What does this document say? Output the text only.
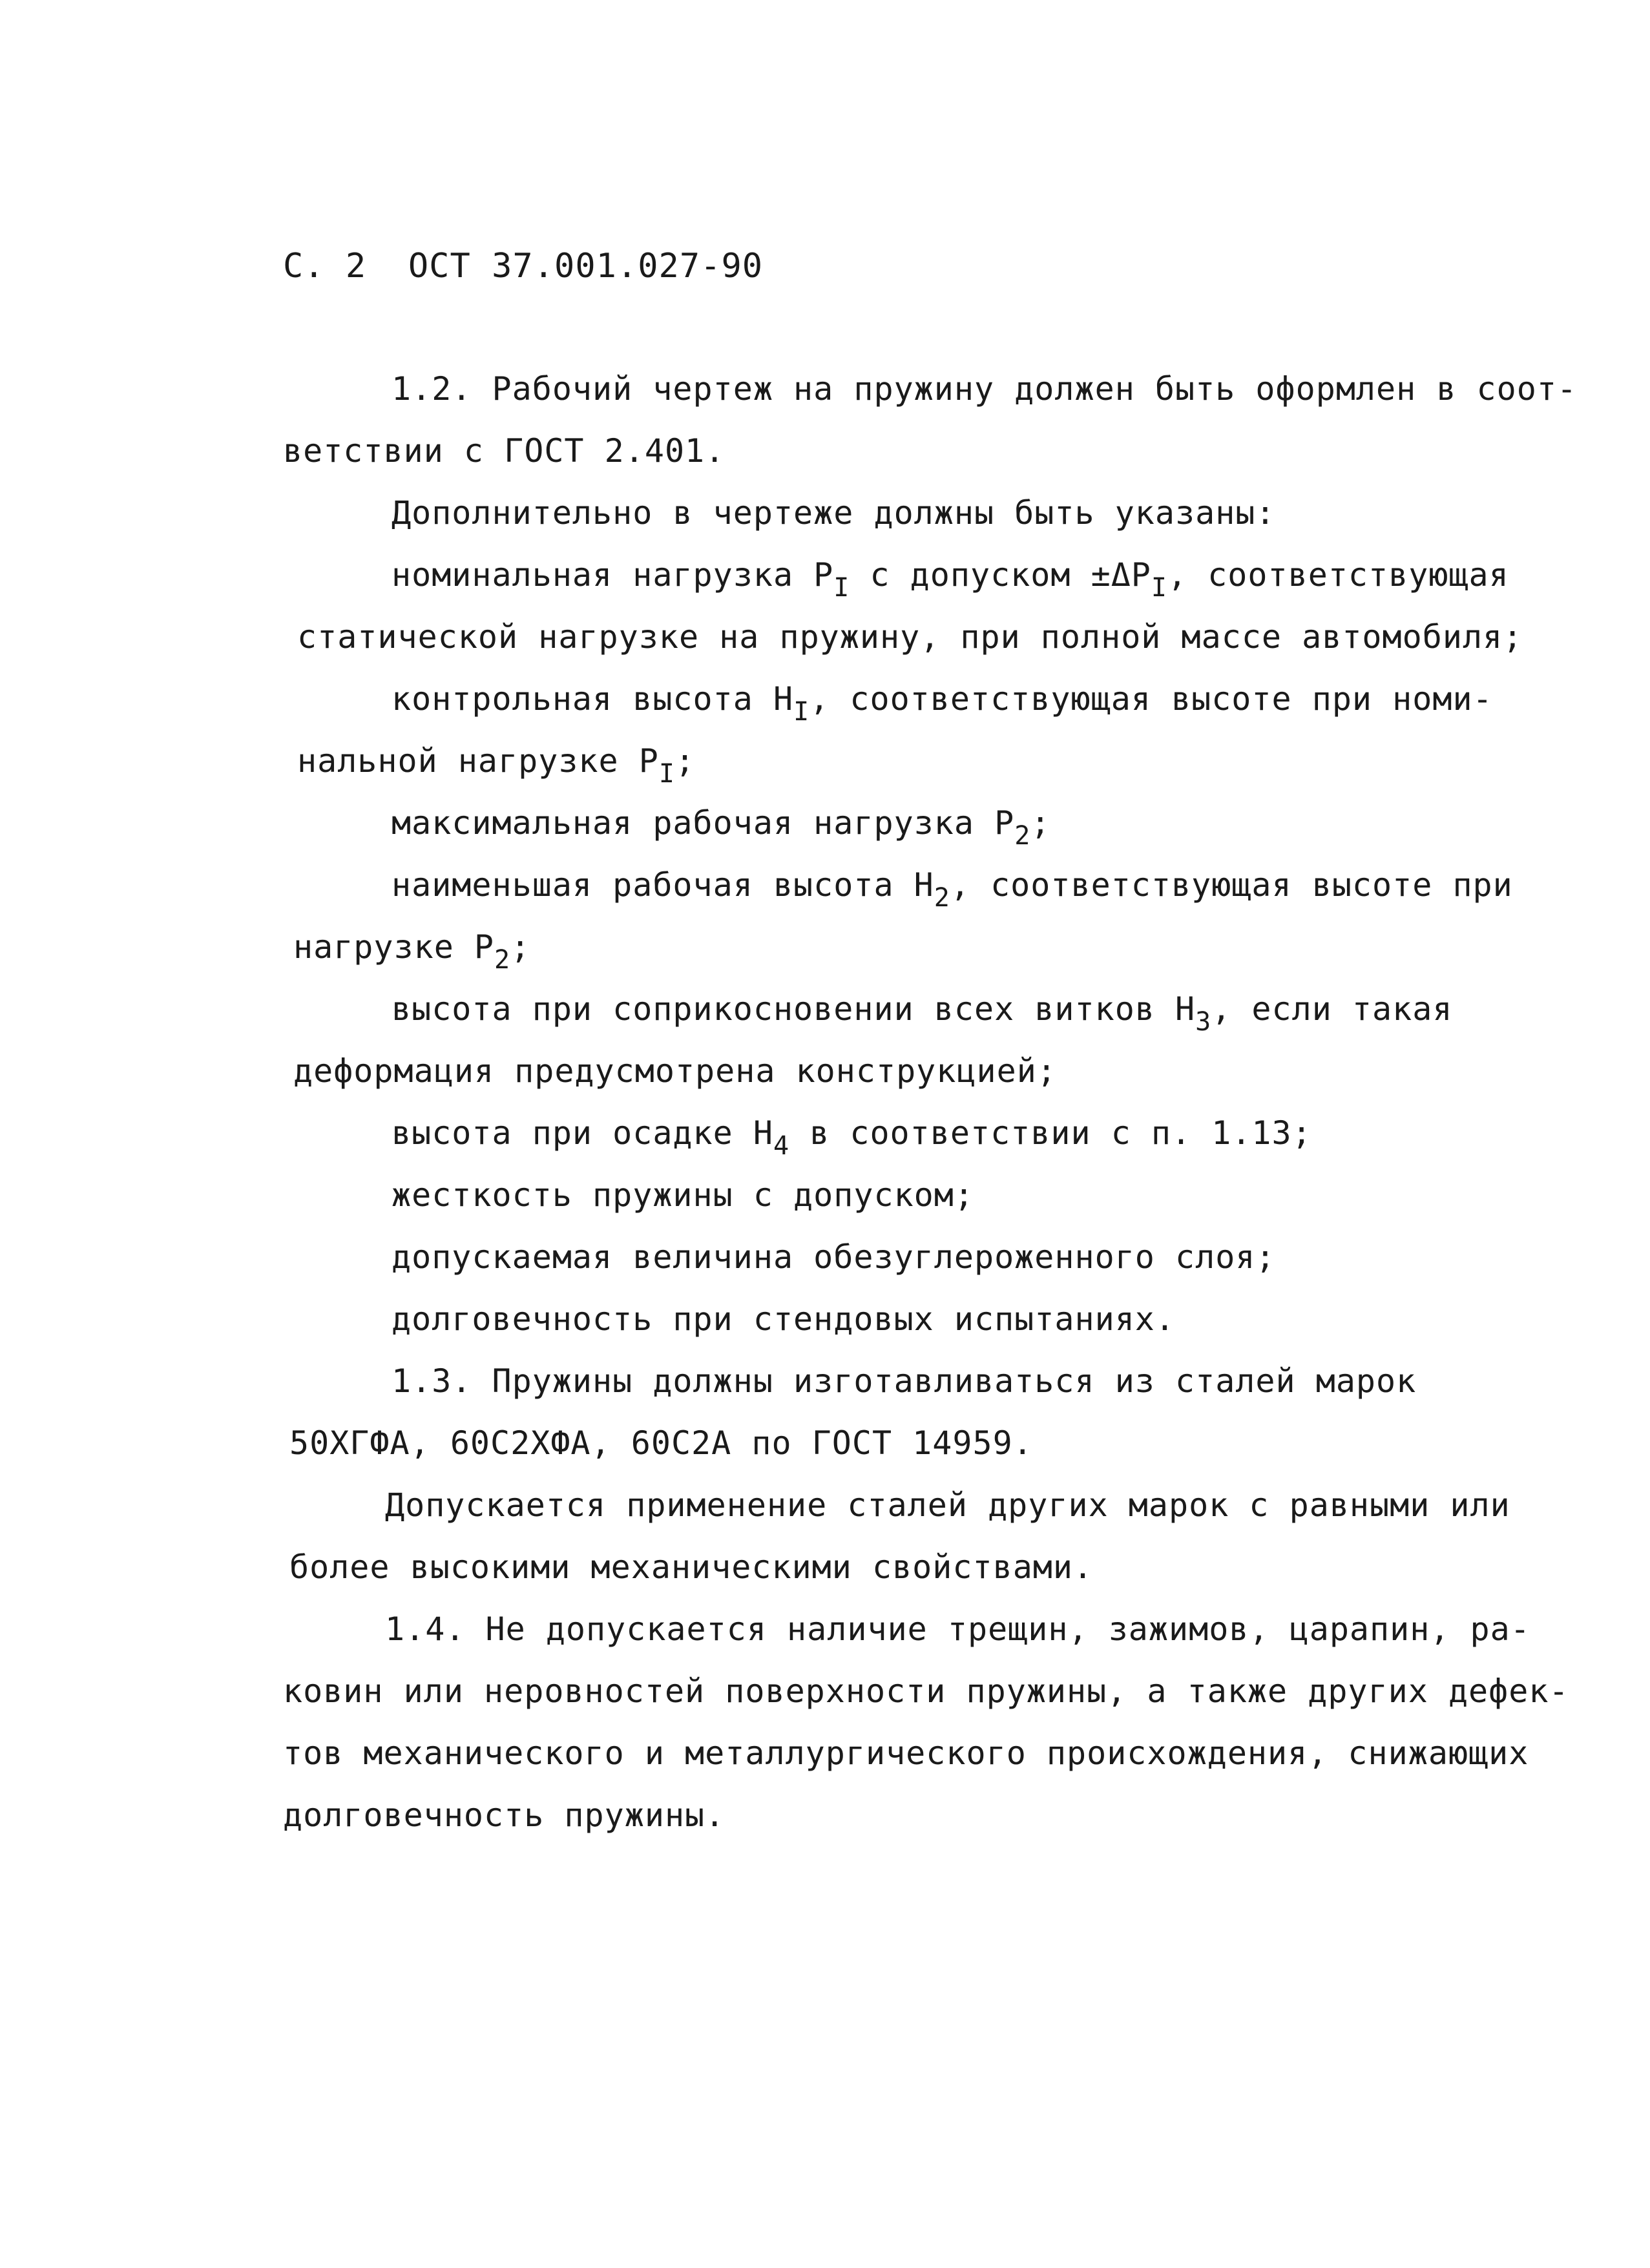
С. 2 ОСТ 37.001.027-90
1.2. Рабочий чертеж на пружину должен быть оформлен в соот-
ветствии с ГОСТ 2.401.
Дополнительно в чертеже должны быть указаны:
номинальная нагрузка $P_I$ с допуском $\pm\Delta P_I$, соответствующая
статической нагрузке на пружину, при полной массе автомобиля;
контрольная высота $H_I$, соответствующая высоте при номи-
нальной нагрузке $P_I$;
максимальная рабочая нагрузка $P_2$;
наименьшая рабочая высота $H_2$, соответствующая высоте при
нагрузке $P_2$;
высота при соприкосновении всех витков $H_3$, если такая
деформация предусмотрена конструкцией;
высота при осадке $H_4$ в соответствии с п. 1.13;
жесткость пружины с допуском;
допускаемая величина обезуглероженного слоя;
долговечность при стендовых испытаниях.
1.3. Пружины должны изготавливаться из сталей марок
50ХГФА, 60С2ХФА, 60С2А по ГОСТ 14959.
Допускается применение сталей других марок с равными или
более высокими механическими свойствами.
1.4. Не допускается наличие трещин, зажимов, царапин, ра-
ковин или неровностей поверхности пружины, а также других дефек-
тов механического и металлургического происхождения, снижающих
долговечность пружины.
